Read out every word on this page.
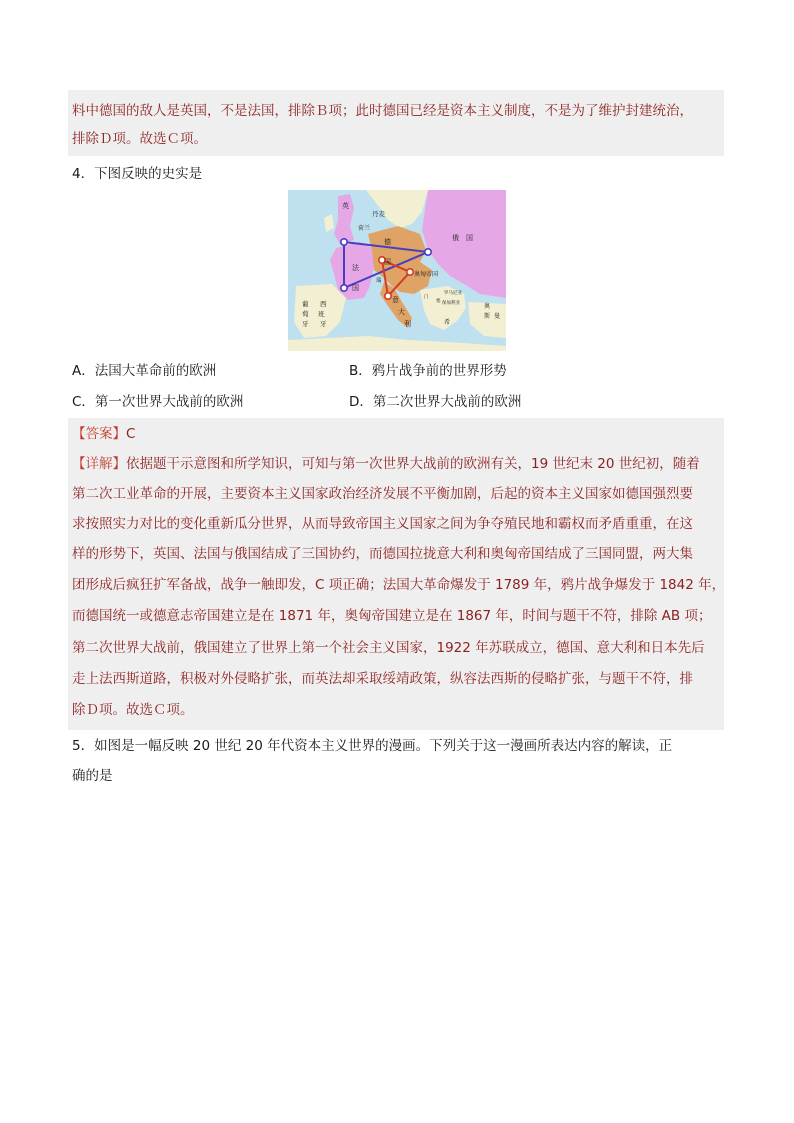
料中德国的敌人是英国，不是法国，排除Ｂ项；此时德国已经是资本主义制度，不是为了维护封建统治，
排除Ｄ项。故选Ｃ项。
4．下图反映的史实是
英
丹麦
荷兰
德
国
俄　国
法
国
奥匈帝国
瑞
意
大
利
葡
萄
牙
西
班
牙
罗马尼亚
保加利亚
塞
门
希
奥
斯 曼
A．法国大革命前的欧洲	B．鸦片战争前的世界形势
C．第一次世界大战前的欧洲	D．第二次世界大战前的欧洲
【答案】C
【详解】依据题干示意图和所学知识，可知与第一次世界大战前的欧洲有关，19 世纪末 20 世纪初，随着
第二次工业革命的开展，主要资本主义国家政治经济发展不平衡加剧，后起的资本主义国家如德国强烈要
求按照实力对比的变化重新瓜分世界，从而导致帝国主义国家之间为争夺殖民地和霸权而矛盾重重，在这
样的形势下，英国、法国与俄国结成了三国协约，而德国拉拢意大利和奥匈帝国结成了三国同盟，两大集
团形成后疯狂扩军备战，战争一触即发，C 项正确；法国大革命爆发于 1789 年，鸦片战争爆发于 1842 年，
而德国统一或德意志帝国建立是在 1871 年，奥匈帝国建立是在 1867 年，时间与题干不符，排除 AB 项；
第二次世界大战前，俄国建立了世界上第一个社会主义国家，1922 年苏联成立，德国、意大利和日本先后
走上法西斯道路，积极对外侵略扩张，而英法却采取绥靖政策，纵容法西斯的侵略扩张，与题干不符，排
除Ｄ项。故选Ｃ项。
5．如图是一幅反映 20 世纪 20 年代资本主义世界的漫画。下列关于这一漫画所表达内容的解读，正
确的是
